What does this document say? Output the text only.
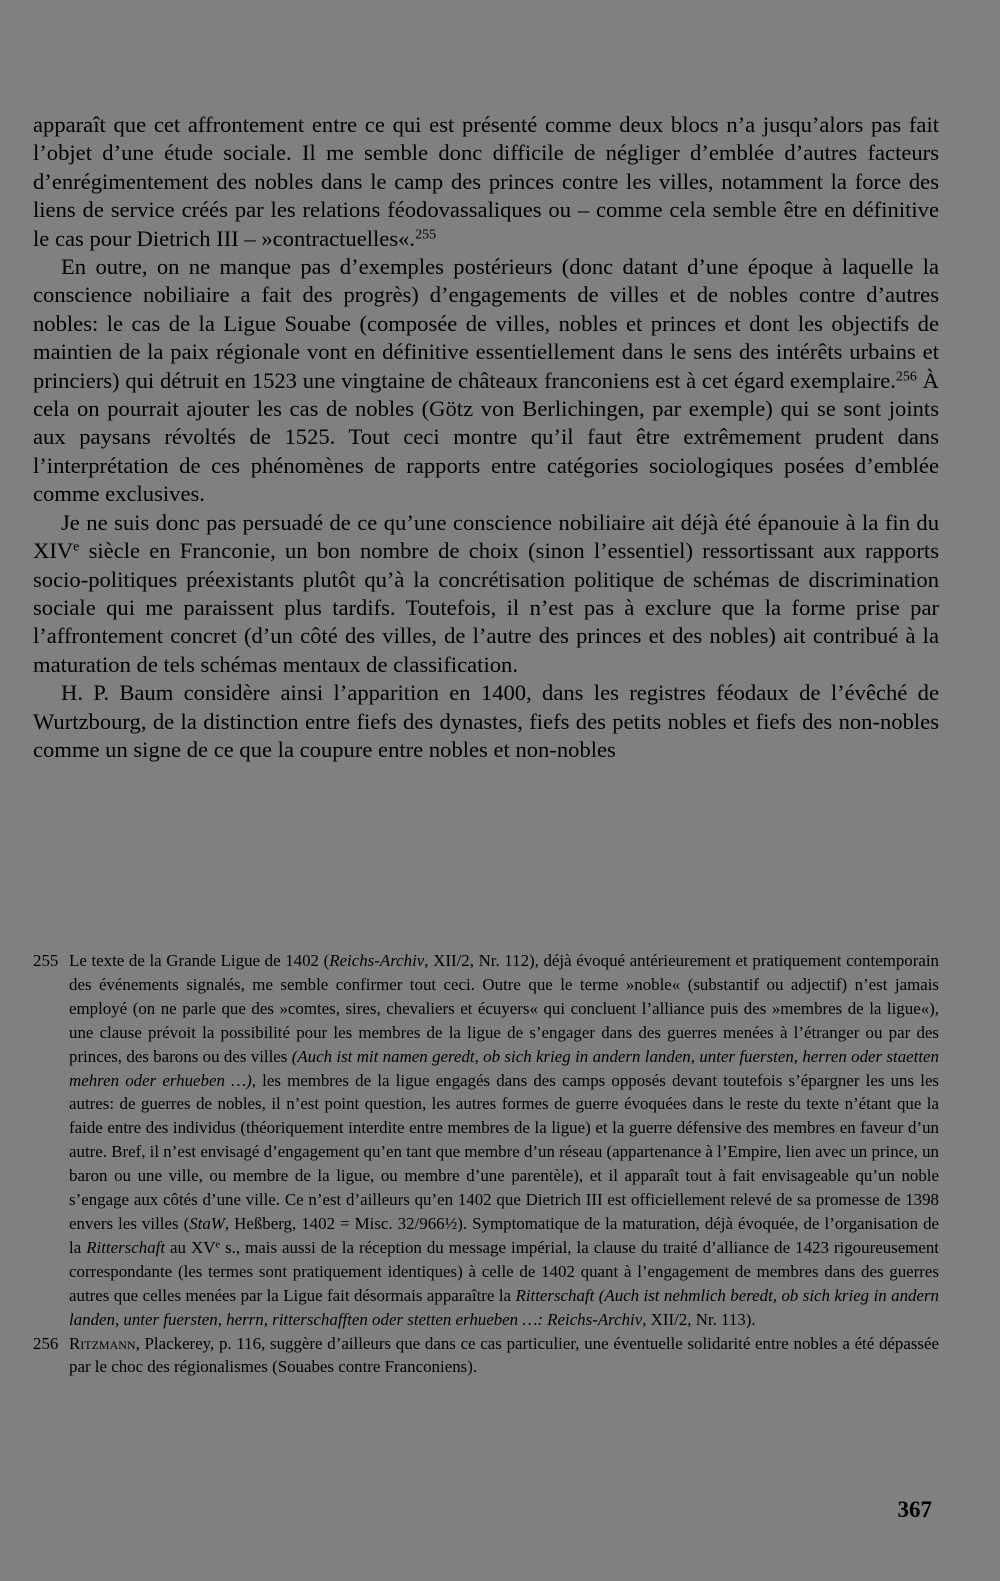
apparaît que cet affrontement entre ce qui est présenté comme deux blocs n’a jusqu’alors pas fait l’objet d’une étude sociale. Il me semble donc difficile de négliger d’emblée d’autres facteurs d’enrégimentement des nobles dans le camp des princes contre les villes, notamment la force des liens de service créés par les relations féodovassaliques ou – comme cela semble être en définitive le cas pour Dietrich III – »contractuelles«.$^{255}$

En outre, on ne manque pas d’exemples postérieurs (donc datant d’une époque à laquelle la conscience nobiliaire a fait des progrès) d’engagements de villes et de nobles contre d’autres nobles: le cas de la Ligue Souabe (composée de villes, nobles et princes et dont les objectifs de maintien de la paix régionale vont en définitive essentiellement dans le sens des intérêts urbains et princiers) qui détruit en 1523 une vingtaine de châteaux franconiens est à cet égard exemplaire.$^{256}$ À cela on pourrait ajouter les cas de nobles (Götz von Berlichingen, par exemple) qui se sont joints aux paysans révoltés de 1525. Tout ceci montre qu’il faut être extrêmement prudent dans l’interprétation de ces phénomènes de rapports entre catégories sociologiques posées d’emblée comme exclusives.

Je ne suis donc pas persuadé de ce qu’une conscience nobiliaire ait déjà été épanouie à la fin du XIVe siècle en Franconie, un bon nombre de choix (sinon l’essentiel) ressortissant aux rapports socio-politiques préexistants plutôt qu’à la concrétisation politique de schémas de discrimination sociale qui me paraissent plus tardifs. Toutefois, il n’est pas à exclure que la forme prise par l’affrontement concret (d’un côté des villes, de l’autre des princes et des nobles) ait contribué à la maturation de tels schémas mentaux de classification.

H. P. Baum considère ainsi l’apparition en 1400, dans les registres féodaux de l’évêché de Wurtzbourg, de la distinction entre fiefs des dynastes, fiefs des petits nobles et fiefs des non-nobles comme un signe de ce que la coupure entre nobles et non-nobles

255 Le texte de la Grande Ligue de 1402 (Reichs-Archiv, XII/2, Nr. 112), déjà évoqué antérieurement et pratiquement contemporain des événements signalés, me semble confirmer tout ceci. Outre que le terme »noble« (substantif ou adjectif) n’est jamais employé (on ne parle que des »comtes, sires, chevaliers et écuyers« qui concluent l’alliance puis des »membres de la ligue«), une clause prévoit la possibilité pour les membres de la ligue de s’engager dans des guerres menées à l’étranger ou par des princes, des barons ou des villes (Auch ist mit namen geredt, ob sich krieg in andern landen, unter fuersten, herren oder staetten mehren oder erhueben …), les membres de la ligue engagés dans des camps opposés devant toutefois s’épargner les uns les autres: de guerres de nobles, il n’est point question, les autres formes de guerre évoquées dans le reste du texte n’étant que la faide entre des individus (théoriquement interdite entre membres de la ligue) et la guerre défensive des membres en faveur d’un autre. Bref, il n’est envisagé d’engagement qu’en tant que membre d’un réseau (appartenance à l’Empire, lien avec un prince, un baron ou une ville, ou membre de la ligue, ou membre d’une parentèle), et il apparaît tout à fait envisageable qu’un noble s’engage aux côtés d’une ville. Ce n’est d’ailleurs qu’en 1402 que Dietrich III est officiellement relevé de sa promesse de 1398 envers les villes (StaW, Heßberg, 1402 = Misc. 32/966½). Symptomatique de la maturation, déjà évoquée, de l’organisation de la Ritterschaft au XVe s., mais aussi de la réception du message impérial, la clause du traité d’alliance de 1423 rigoureusement correspondante (les termes sont pratiquement identiques) à celle de 1402 quant à l’engagement de membres dans des guerres autres que celles menées par la Ligue fait désormais apparaître la Ritterschaft (Auch ist nehmlich beredt, ob sich krieg in andern landen, unter fuersten, herrn, ritterschafften oder stetten erhueben …: Reichs-Archiv, XII/2, Nr. 113).

256 Ritzmann, Plackerey, p. 116, suggère d’ailleurs que dans ce cas particulier, une éventuelle solidarité entre nobles a été dépassée par le choc des régionalismes (Souabes contre Franconiens).

367
